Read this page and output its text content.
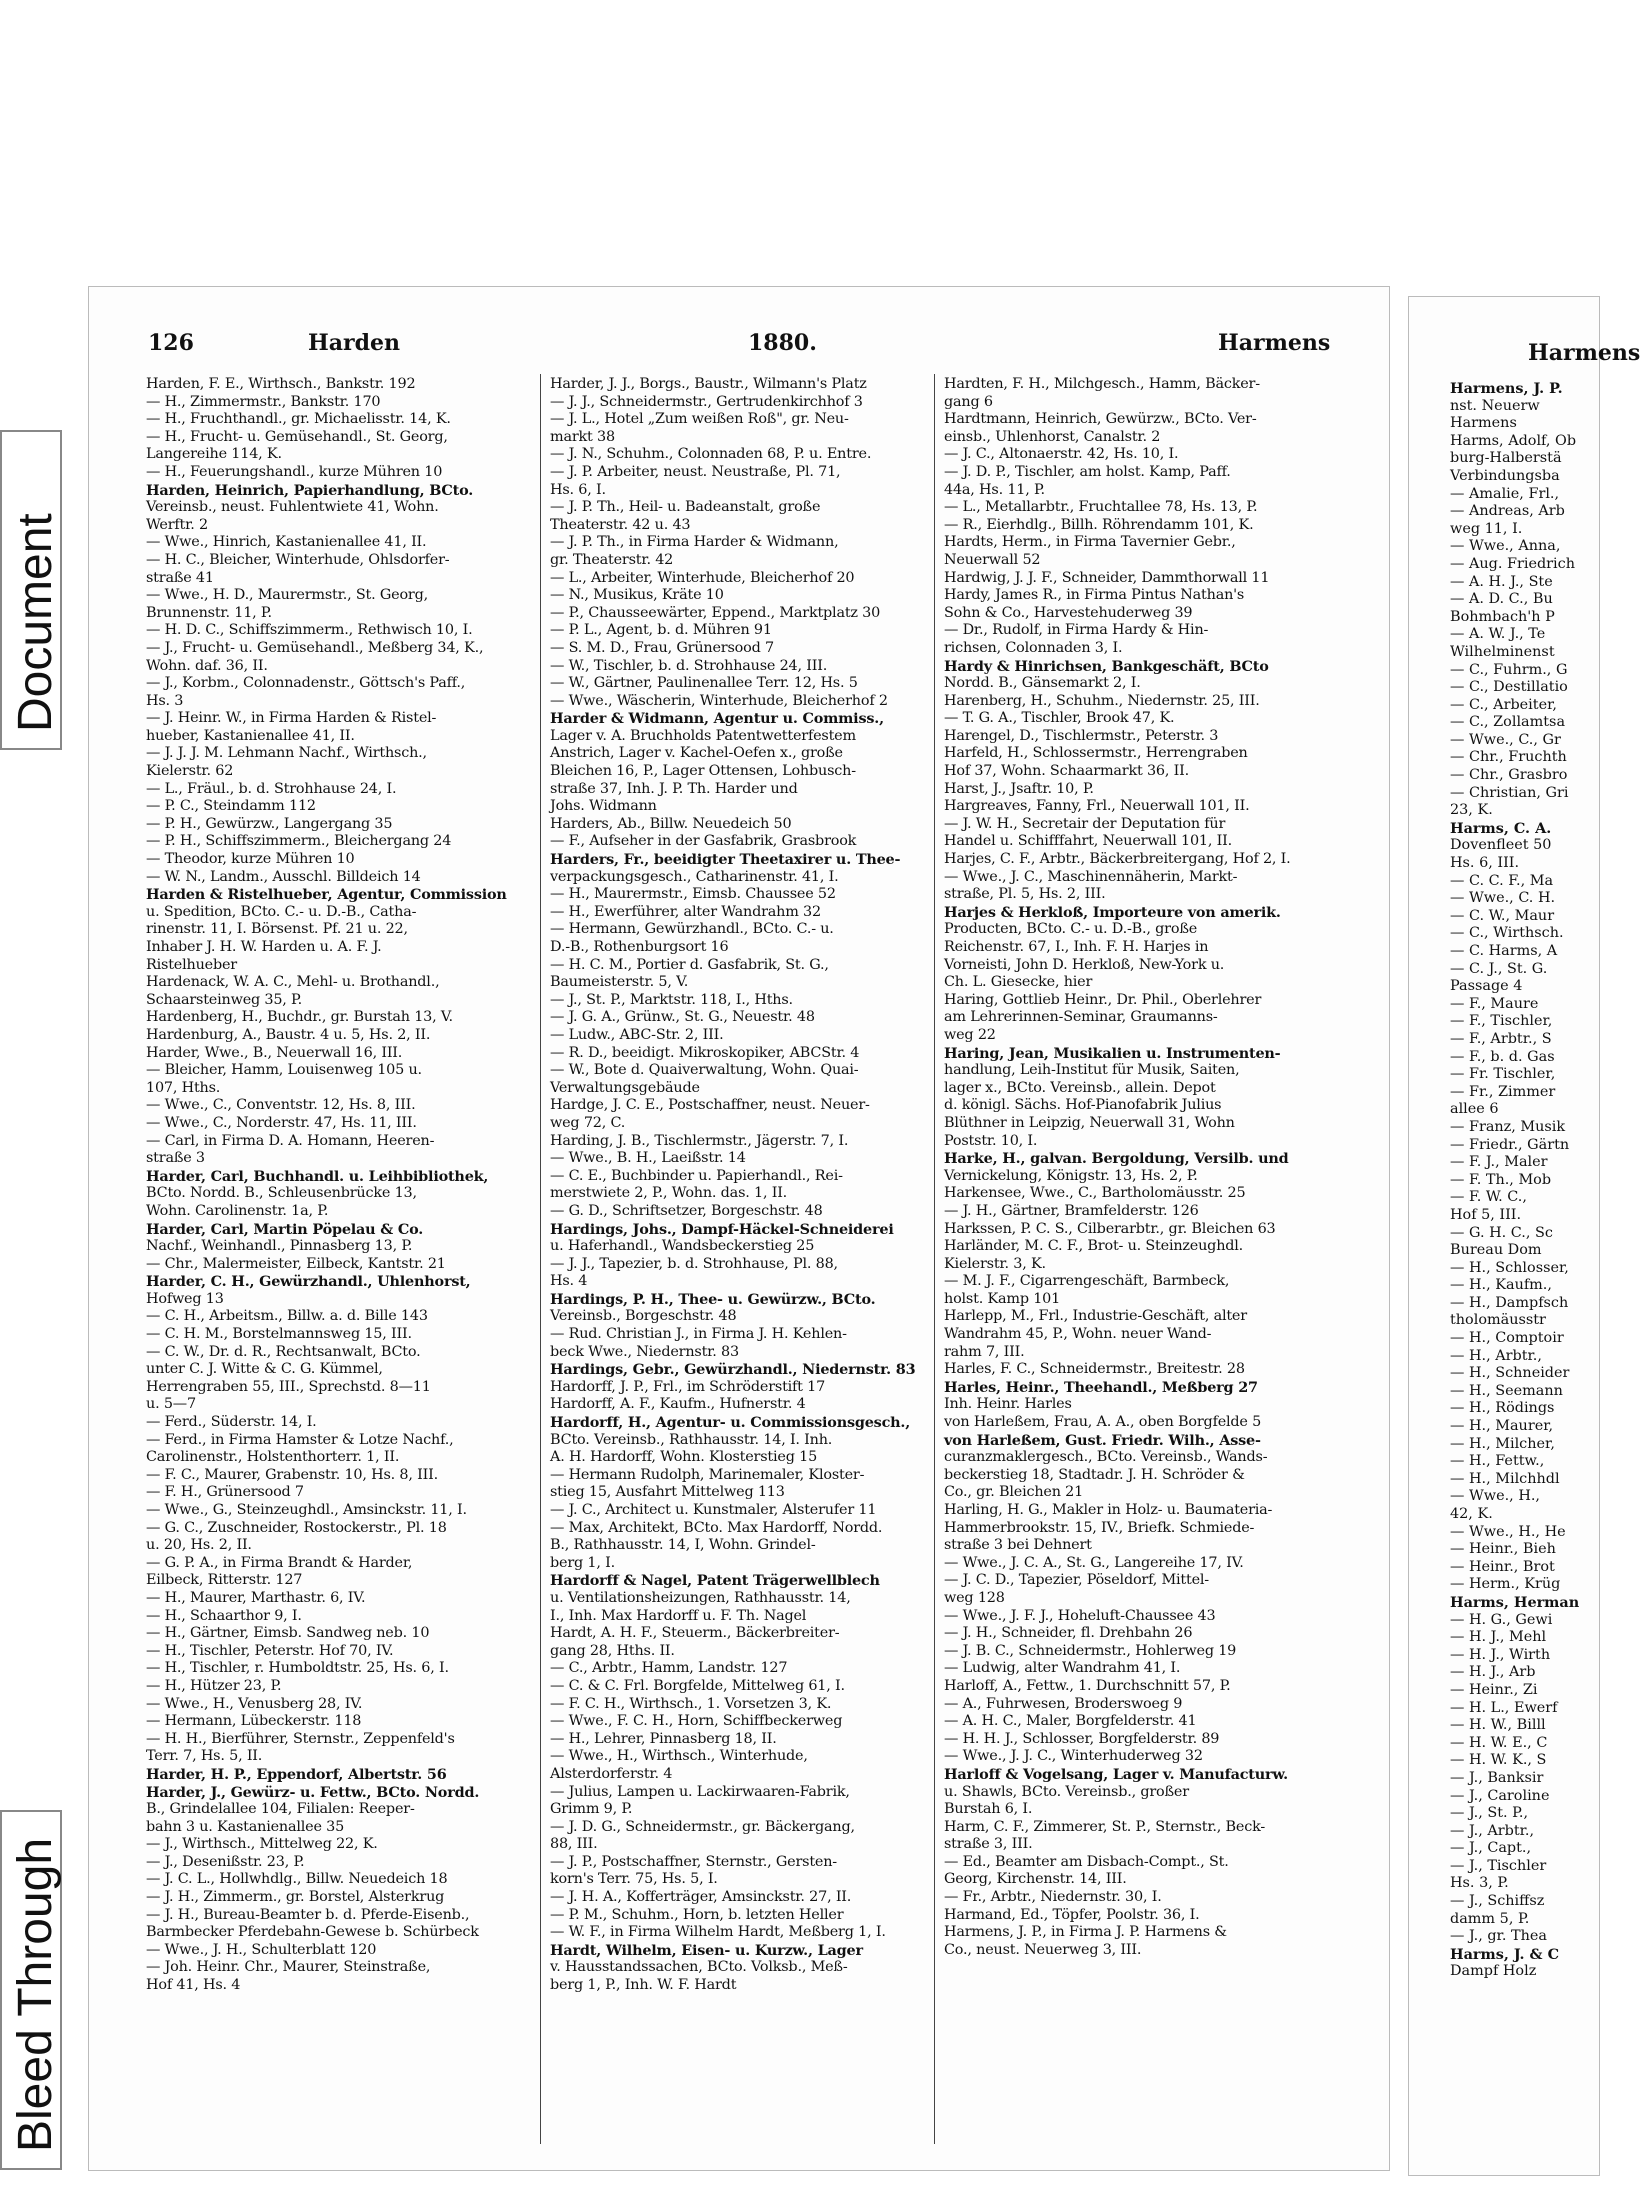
Document
Bleed Through
126	Harden	1880.	Harmens
Harden, F. E., Wirthsch., Bankstr. 192
— H., Zimmermstr., Bankstr. 170
— H., Fruchthandl., gr. Michaelisstr. 14, K.
— H., Frucht- u. Gemüsehandl., St. Georg,
Langereihe 114, K.
— H., Feuerungshandl., kurze Mühren 10
Harden, Heinrich, Papierhandlung, BCto.
Vereinsb., neust. Fuhlentwiete 41, Wohn.
Werftr. 2
— Wwe., Hinrich, Kastanienallee 41, II.
— H. C., Bleicher, Winterhude, Ohlsdorfer-
straße 41
— Wwe., H. D., Maurermstr., St. Georg,
Brunnenstr. 11, P.
— H. D. C., Schiffszimmerm., Rethwisch 10, I.
— J., Frucht- u. Gemüsehandl., Meßberg 34, K.,
Wohn. daf. 36, II.
— J., Korbm., Colonnadenstr., Göttsch's Paff.,
Hs. 3
— J. Heinr. W., in Firma Harden & Ristel-
hueber, Kastanienallee 41, II.
— J. J. J. M. Lehmann Nachf., Wirthsch.,
Kielerstr. 62
— L., Fräul., b. d. Strohhause 24, I.
— P. C., Steindamm 112
— P. H., Gewürzw., Langergang 35
— P. H., Schiffszimmerm., Bleichergang 24
— Theodor, kurze Mühren 10
— W. N., Landm., Ausschl. Billdeich 14
Harden & Ristelhueber, Agentur, Commission
u. Spedition, BCto. C.- u. D.-B., Catha-
rinenstr. 11, I. Börsenst. Pf. 21 u. 22,
Inhaber J. H. W. Harden u. A. F. J.
Ristelhueber
Hardenack, W. A. C., Mehl- u. Brothandl.,
Schaarsteinweg 35, P.
Hardenberg, H., Buchdr., gr. Burstah 13, V.
Hardenburg, A., Baustr. 4 u. 5, Hs. 2, II.
Harder, Wwe., B., Neuerwall 16, III.
— Bleicher, Hamm, Louisenweg 105 u.
107, Hths.
— Wwe., C., Conventstr. 12, Hs. 8, III.
— Wwe., C., Norderstr. 47, Hs. 11, III.
— Carl, in Firma D. A. Homann, Heeren-
straße 3
Harder, Carl, Buchhandl. u. Leihbibliothek,
BCto. Nordd. B., Schleusenbrücke 13,
Wohn. Carolinenstr. 1a, P.
Harder, Carl, Martin Pöpelau & Co.
Nachf., Weinhandl., Pinnasberg 13, P.
— Chr., Malermeister, Eilbeck, Kantstr. 21
Harder, C. H., Gewürzhandl., Uhlenhorst,
Hofweg 13
— C. H., Arbeitsm., Billw. a. d. Bille 143
— C. H. M., Borstelmannsweg 15, III.
— C. W., Dr. d. R., Rechtsanwalt, BCto.
unter C. J. Witte & C. G. Kümmel,
Herrengraben 55, III., Sprechstd. 8—11
u. 5—7
— Ferd., Süderstr. 14, I.
— Ferd., in Firma Hamster & Lotze Nachf.,
Carolinenstr., Holstenthorterr. 1, II.
— F. C., Maurer, Grabenstr. 10, Hs. 8, III.
— F. H., Grünersood 7
— Wwe., G., Steinzeughdl., Amsinckstr. 11, I.
— G. C., Zuschneider, Rostockerstr., Pl. 18
u. 20, Hs. 2, II.
— G. P. A., in Firma Brandt & Harder,
Eilbeck, Ritterstr. 127
— H., Maurer, Marthastr. 6, IV.
— H., Schaarthor 9, I.
— H., Gärtner, Eimsb. Sandweg neb. 10
— H., Tischler, Peterstr. Hof 70, IV.
— H., Tischler, r. Humboldtstr. 25, Hs. 6, I.
— H., Hützer 23, P.
— Wwe., H., Venusberg 28, IV.
— Hermann, Lübeckerstr. 118
— H. H., Bierführer, Sternstr., Zeppenfeld's
Terr. 7, Hs. 5, II.
Harder, H. P., Eppendorf, Albertstr. 56
Harder, J., Gewürz- u. Fettw., BCto. Nordd.
B., Grindelallee 104, Filialen: Reeper-
bahn 3 u. Kastanienallee 35
— J., Wirthsch., Mittelweg 22, K.
— J., Desenißstr. 23, P.
— J. C. L., Hollwhdlg., Billw. Neuedeich 18
— J. H., Zimmerm., gr. Borstel, Alsterkrug
— J. H., Bureau-Beamter b. d. Pferde-Eisenb.,
Barmbecker Pferdebahn-Gewese b. Schürbeck
— Wwe., J. H., Schulterblatt 120
— Joh. Heinr. Chr., Maurer, Steinstraße,
Hof 41, Hs. 4
Harder, J. J., Borgs., Baustr., Wilmann's Platz
— J. J., Schneidermstr., Gertrudenkirchhof 3
— J. L., Hotel „Zum weißen Roß", gr. Neu-
markt 38
— J. N., Schuhm., Colonnaden 68, P. u. Entre.
— J. P. Arbeiter, neust. Neustraße, Pl. 71,
Hs. 6, I.
— J. P. Th., Heil- u. Badeanstalt, große
Theaterstr. 42 u. 43
— J. P. Th., in Firma Harder & Widmann,
gr. Theaterstr. 42
— L., Arbeiter, Winterhude, Bleicherhof 20
— N., Musikus, Kräte 10
— P., Chausseewärter, Eppend., Marktplatz 30
— P. L., Agent, b. d. Mühren 91
— S. M. D., Frau, Grünersood 7
— W., Tischler, b. d. Strohhause 24, III.
— W., Gärtner, Paulinenallee Terr. 12, Hs. 5
— Wwe., Wäscherin, Winterhude, Bleicherhof 2
Harder & Widmann, Agentur u. Commiss.,
Lager v. A. Bruchholds Patentwetterfestem
Anstrich, Lager v. Kachel-Oefen x., große
Bleichen 16, P., Lager Ottensen, Lohbusch-
straße 37, Inh. J. P. Th. Harder und
Johs. Widmann
Harders, Ab., Billw. Neuedeich 50
— F., Aufseher in der Gasfabrik, Grasbrook
Harders, Fr., beeidigter Theetaxirer u. Thee-
verpackungsgesch., Catharinenstr. 41, I.
— H., Maurermstr., Eimsb. Chaussee 52
— H., Ewerführer, alter Wandrahm 32
— Hermann, Gewürzhandl., BCto. C.- u.
D.-B., Rothenburgsort 16
— H. C. M., Portier d. Gasfabrik, St. G.,
Baumeisterstr. 5, V.
— J., St. P., Marktstr. 118, I., Hths.
— J. G. A., Grünw., St. G., Neuestr. 48
— Ludw., ABC-Str. 2, III.
— R. D., beeidigt. Mikroskopiker, ABCStr. 4
— W., Bote d. Quaiverwaltung, Wohn. Quai-
Verwaltungsgebäude
Hardge, J. C. E., Postschaffner, neust. Neuer-
weg 72, C.
Harding, J. B., Tischlermstr., Jägerstr. 7, I.
— Wwe., B. H., Laeißstr. 14
— C. E., Buchbinder u. Papierhandl., Rei-
merstwiete 2, P., Wohn. das. 1, II.
— G. D., Schriftsetzer, Borgeschstr. 48
Hardings, Johs., Dampf-Häckel-Schneiderei
u. Haferhandl., Wandsbeckerstieg 25
— J. J., Tapezier, b. d. Strohhause, Pl. 88,
Hs. 4
Hardings, P. H., Thee- u. Gewürzw., BCto.
Vereinsb., Borgeschstr. 48
— Rud. Christian J., in Firma J. H. Kehlen-
beck Wwe., Niedernstr. 83
Hardings, Gebr., Gewürzhandl., Niedernstr. 83
Hardorff, J. P., Frl., im Schröderstift 17
Hardorff, A. F., Kaufm., Hufnerstr. 4
Hardorff, H., Agentur- u. Commissionsgesch.,
BCto. Vereinsb., Rathhausstr. 14, I. Inh.
A. H. Hardorff, Wohn. Klosterstieg 15
— Hermann Rudolph, Marinemaler, Kloster-
stieg 15, Ausfahrt Mittelweg 113
— J. C., Architect u. Kunstmaler, Alsterufer 11
— Max, Architekt, BCto. Max Hardorff, Nordd.
B., Rathhausstr. 14, I, Wohn. Grindel-
berg 1, I.
Hardorff & Nagel, Patent Trägerwellblech
u. Ventilationsheizungen, Rathhausstr. 14,
I., Inh. Max Hardorff u. F. Th. Nagel
Hardt, A. H. F., Steuerm., Bäckerbreiter-
gang 28, Hths. II.
— C., Arbtr., Hamm, Landstr. 127
— C. & C. Frl. Borgfelde, Mittelweg 61, I.
— F. C. H., Wirthsch., 1. Vorsetzen 3, K.
— Wwe., F. C. H., Horn, Schiffbeckerweg
— H., Lehrer, Pinnasberg 18, II.
— Wwe., H., Wirthsch., Winterhude,
Alsterdorferstr. 4
— Julius, Lampen u. Lackirwaaren-Fabrik,
Grimm 9, P.
— J. D. G., Schneidermstr., gr. Bäckergang,
88, III.
— J. P., Postschaffner, Sternstr., Gersten-
korn's Terr. 75, Hs. 5, I.
— J. H. A., Kofferträger, Amsinckstr. 27, II.
— P. M., Schuhm., Horn, b. letzten Heller
— W. F., in Firma Wilhelm Hardt, Meßberg 1, I.
Hardt, Wilhelm, Eisen- u. Kurzw., Lager
v. Hausstandssachen, BCto. Volksb., Meß-
berg 1, P., Inh. W. F. Hardt
Hardten, F. H., Milchgesch., Hamm, Bäcker-
gang 6
Hardtmann, Heinrich, Gewürzw., BCto. Ver-
einsb., Uhlenhorst, Canalstr. 2
— J. C., Altonaerstr. 42, Hs. 10, I.
— J. D. P., Tischler, am holst. Kamp, Paff.
44a, Hs. 11, P.
— L., Metallarbtr., Fruchtallee 78, Hs. 13, P.
— R., Eierhdlg., Billh. Röhrendamm 101, K.
Hardts, Herm., in Firma Tavernier Gebr.,
Neuerwall 52
Hardwig, J. J. F., Schneider, Dammthorwall 11
Hardy, James R., in Firma Pintus Nathan's
Sohn & Co., Harvestehuderweg 39
— Dr., Rudolf, in Firma Hardy & Hin-
richsen, Colonnaden 3, I.
Hardy & Hinrichsen, Bankgeschäft, BCto
Nordd. B., Gänsemarkt 2, I.
Harenberg, H., Schuhm., Niedernstr. 25, III.
— T. G. A., Tischler, Brook 47, K.
Harengel, D., Tischlermstr., Peterstr. 3
Harfeld, H., Schlossermstr., Herrengraben
Hof 37, Wohn. Schaarmarkt 36, II.
Harst, J., Jsaftr. 10, P.
Hargreaves, Fanny, Frl., Neuerwall 101, II.
— J. W. H., Secretair der Deputation für
Handel u. Schifffahrt, Neuerwall 101, II.
Harjes, C. F., Arbtr., Bäckerbreitergang, Hof 2, I.
— Wwe., J. C., Maschinennäherin, Markt-
straße, Pl. 5, Hs. 2, III.
Harjes & Herkloß, Importeure von amerik.
Producten, BCto. C.- u. D.-B., große
Reichenstr. 67, I., Inh. F. H. Harjes in
Vorneisti, John D. Herkloß, New-York u.
Ch. L. Giesecke, hier
Haring, Gottlieb Heinr., Dr. Phil., Oberlehrer
am Lehrerinnen-Seminar, Graumanns-
weg 22
Haring, Jean, Musikalien u. Instrumenten-
handlung, Leih-Institut für Musik, Saiten,
lager x., BCto. Vereinsb., allein. Depot
d. königl. Sächs. Hof-Pianofabrik Julius
Blüthner in Leipzig, Neuerwall 31, Wohn
Poststr. 10, I.
Harke, H., galvan. Bergoldung, Versilb. und
Vernickelung, Königstr. 13, Hs. 2, P.
Harkensee, Wwe., C., Bartholomäusstr. 25
— J. H., Gärtner, Bramfelderstr. 126
Harkssen, P. C. S., Cilberarbtr., gr. Bleichen 63
Harländer, M. C. F., Brot- u. Steinzeughdl.
Kielerstr. 3, K.
— M. J. F., Cigarrengeschäft, Barmbeck,
holst. Kamp 101
Harlepp, M., Frl., Industrie-Geschäft, alter
Wandrahm 45, P., Wohn. neuer Wand-
rahm 7, III.
Harles, F. C., Schneidermstr., Breitestr. 28
Harles, Heinr., Theehandl., Meßberg 27
Inh. Heinr. Harles
von Harleßem, Frau, A. A., oben Borgfelde 5
von Harleßem, Gust. Friedr. Wilh., Asse-
curanzmaklergesch., BCto. Vereinsb., Wands-
beckerstieg 18, Stadtadr. J. H. Schröder &
Co., gr. Bleichen 21
Harling, H. G., Makler in Holz- u. Baumateria-
Hammerbrookstr. 15, IV., Briefk. Schmiede-
straße 3 bei Dehnert
— Wwe., J. C. A., St. G., Langereihe 17, IV.
— J. C. D., Tapezier, Pöseldorf, Mittel-
weg 128
— Wwe., J. F. J., Hoheluft-Chaussee 43
— J. H., Schneider, fl. Drehbahn 26
— J. B. C., Schneidermstr., Hohlerweg 19
— Ludwig, alter Wandrahm 41, I.
Harloff, A., Fettw., 1. Durchschnitt 57, P.
— A., Fuhrwesen, Broderswoeg 9
— A. H. C., Maler, Borgfelderstr. 41
— H. H. J., Schlosser, Borgfelderstr. 89
— Wwe., J. J. C., Winterhuderweg 32
Harloff & Vogelsang, Lager v. Manufacturw.
u. Shawls, BCto. Vereinsb., großer
Burstah 6, I.
Harm, C. F., Zimmerer, St. P., Sternstr., Beck-
straße 3, III.
— Ed., Beamter am Disbach-Compt., St.
Georg, Kirchenstr. 14, III.
— Fr., Arbtr., Niedernstr. 30, I.
Harmand, Ed., Töpfer, Poolstr. 36, I.
Harmens, J. P., in Firma J. P. Harmens &
Co., neust. Neuerweg 3, III.
Harmens
Harmens, J. P.
nst. Neuerw
Harmens
Harms, Adolf, Ob
burg-Halberstä
Verbindungsba
— Amalie, Frl.,
— Andreas, Arb
weg 11, I.
— Wwe., Anna,
— Aug. Friedrich
— A. H. J., Ste
— A. D. C., Bu
Bohmbach'h P
— A. W. J., Te
Wilhelminenst
— C., Fuhrm., G
— C., Destillatio
— C., Arbeiter,
— C., Zollamtsa
— Wwe., C., Gr
— Chr., Fruchth
— Chr., Grasbro
— Christian, Gri
23, K.
Harms, C. A.
Dovenfleet 50
Hs. 6, III.
— C. C. F., Ma
— Wwe., C. H.
— C. W., Maur
— C., Wirthsch.
— C. Harms, A
— C. J., St. G.
Passage 4
— F., Maure
— F., Tischler,
— F., Arbtr., S
— F., b. d. Gas
— Fr. Tischler,
— Fr., Zimmer
allee 6
— Franz, Musik
— Friedr., Gärtn
— F. J., Maler
— F. Th., Mob
— F. W. C.,
Hof 5, III.
— G. H. C., Sc
Bureau Dom
— H., Schlosser,
— H., Kaufm.,
— H., Dampfsch
tholomäusstr
— H., Comptoir
— H., Arbtr.,
— H., Schneider
— H., Seemann
— H., Rödings
— H., Maurer,
— H., Milcher,
— H., Fettw.,
— H., Milchhdl
— Wwe., H.,
42, K.
— Wwe., H., He
— Heinr., Bieh
— Heinr., Brot
— Herm., Krüg
Harms, Herman
— H. G., Gewi
— H. J., Mehl
— H. J., Wirth
— H. J., Arb
— Heinr., Zi
— H. L., Ewerf
— H. W., Billl
— H. W. E., C
— H. W. K., S
— J., Banksir
— J., Caroline
— J., St. P.,
— J., Arbtr.,
— J., Capt.,
— J., Tischler
Hs. 3, P.
— J., Schiffsz
damm 5, P.
— J., gr. Thea
Harms, J. & C
Dampf Holz
